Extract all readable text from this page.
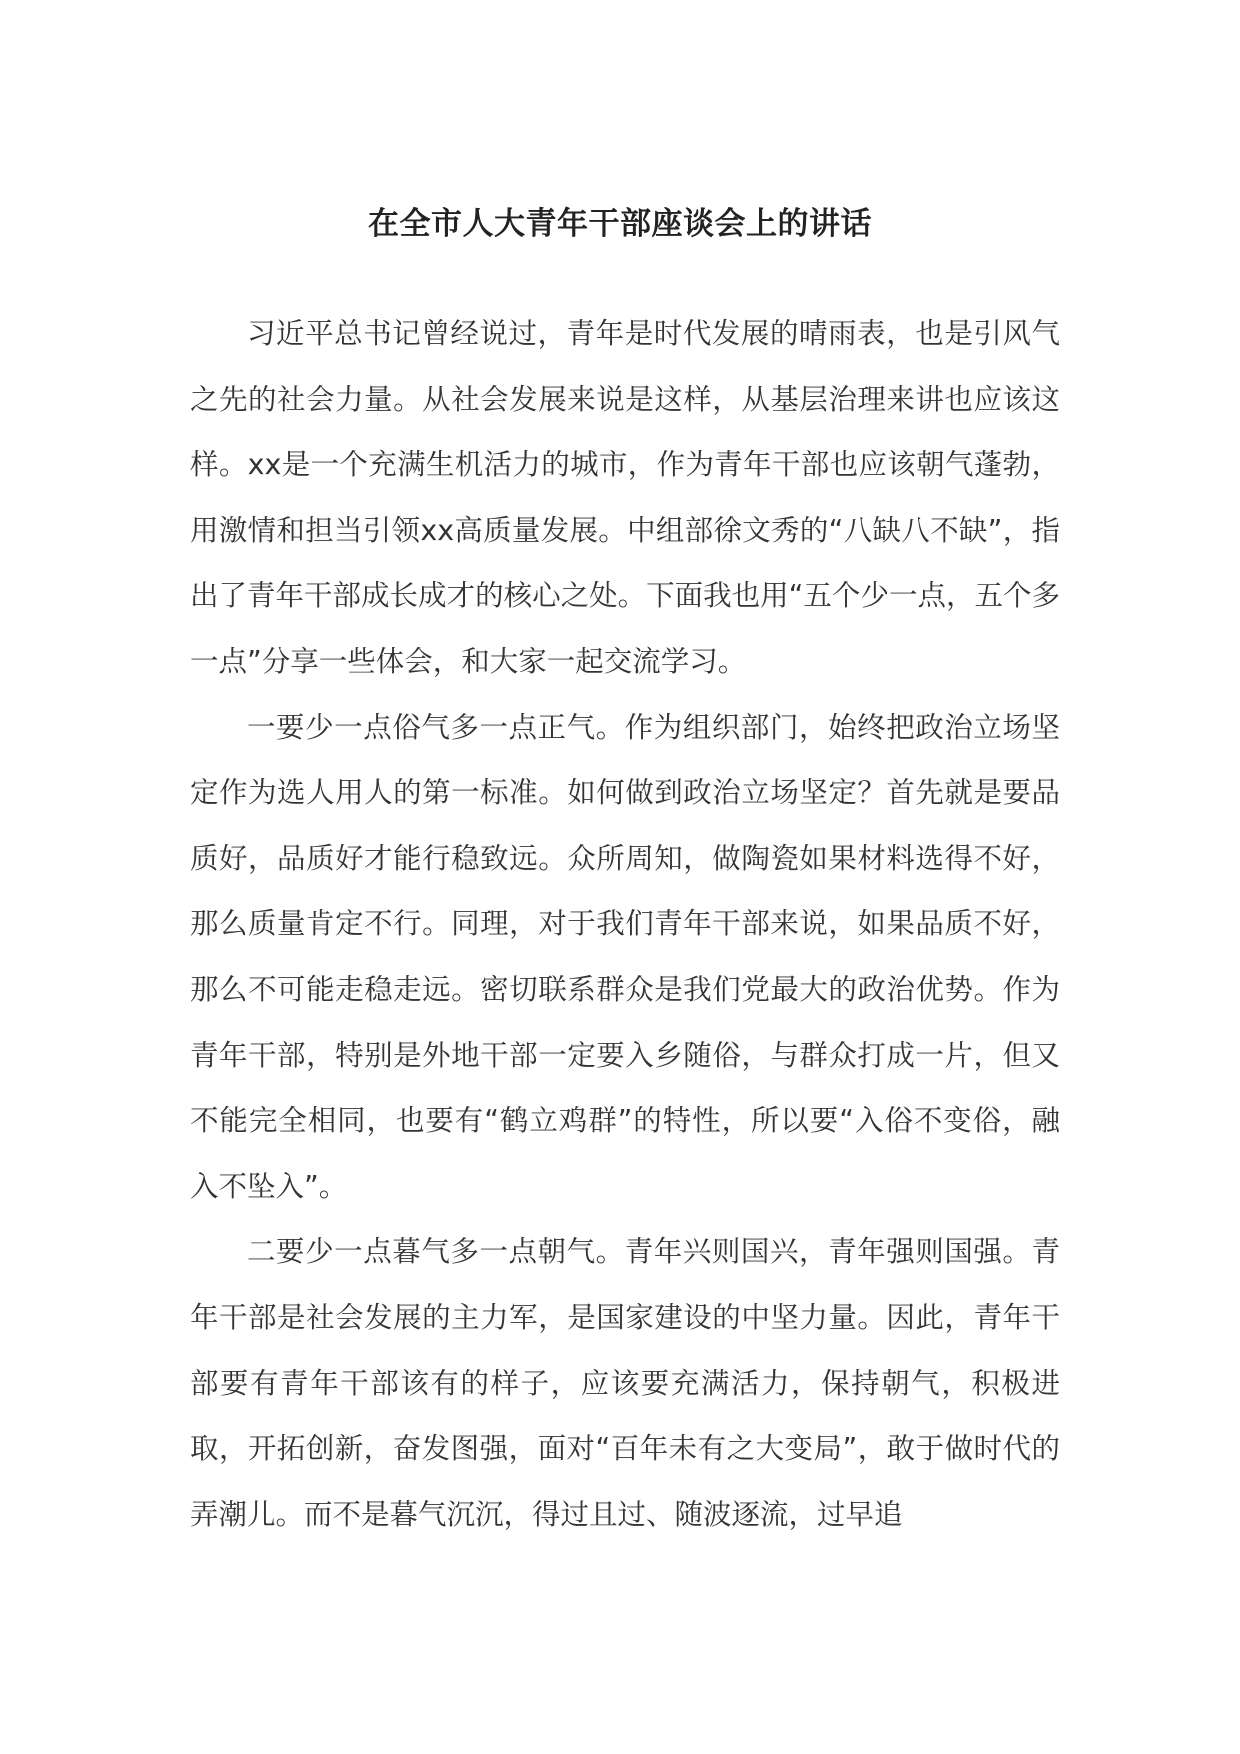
在全市人大青年干部座谈会上的讲话

习近平总书记曾经说过，青年是时代发展的晴雨表，也是引风气之先的社会力量。从社会发展来说是这样，从基层治理来讲也应该这样。xx是一个充满生机活力的城市，作为青年干部也应该朝气蓬勃，用激情和担当引领xx高质量发展。中组部徐文秀的“八缺八不缺”，指出了青年干部成长成才的核心之处。下面我也用“五个少一点，五个多一点”分享一些体会，和大家一起交流学习。

一要少一点俗气多一点正气。作为组织部门，始终把政治立场坚定作为选人用人的第一标准。如何做到政治立场坚定？首先就是要品质好，品质好才能行稳致远。众所周知，做陶瓷如果材料选得不好，那么质量肯定不行。同理，对于我们青年干部来说，如果品质不好，那么不可能走稳走远。密切联系群众是我们党最大的政治优势。作为青年干部，特别是外地干部一定要入乡随俗，与群众打成一片，但又不能完全相同，也要有“鹤立鸡群”的特性，所以要“入俗不变俗，融入不坠入”。

二要少一点暮气多一点朝气。青年兴则国兴，青年强则国强。青年干部是社会发展的主力军，是国家建设的中坚力量。因此，青年干部要有青年干部该有的样子，应该要充满活力，保持朝气，积极进取，开拓创新，奋发图强，面对“百年未有之大变局”，敢于做时代的弄潮儿。而不是暮气沉沉，得过且过、随波逐流，过早追
